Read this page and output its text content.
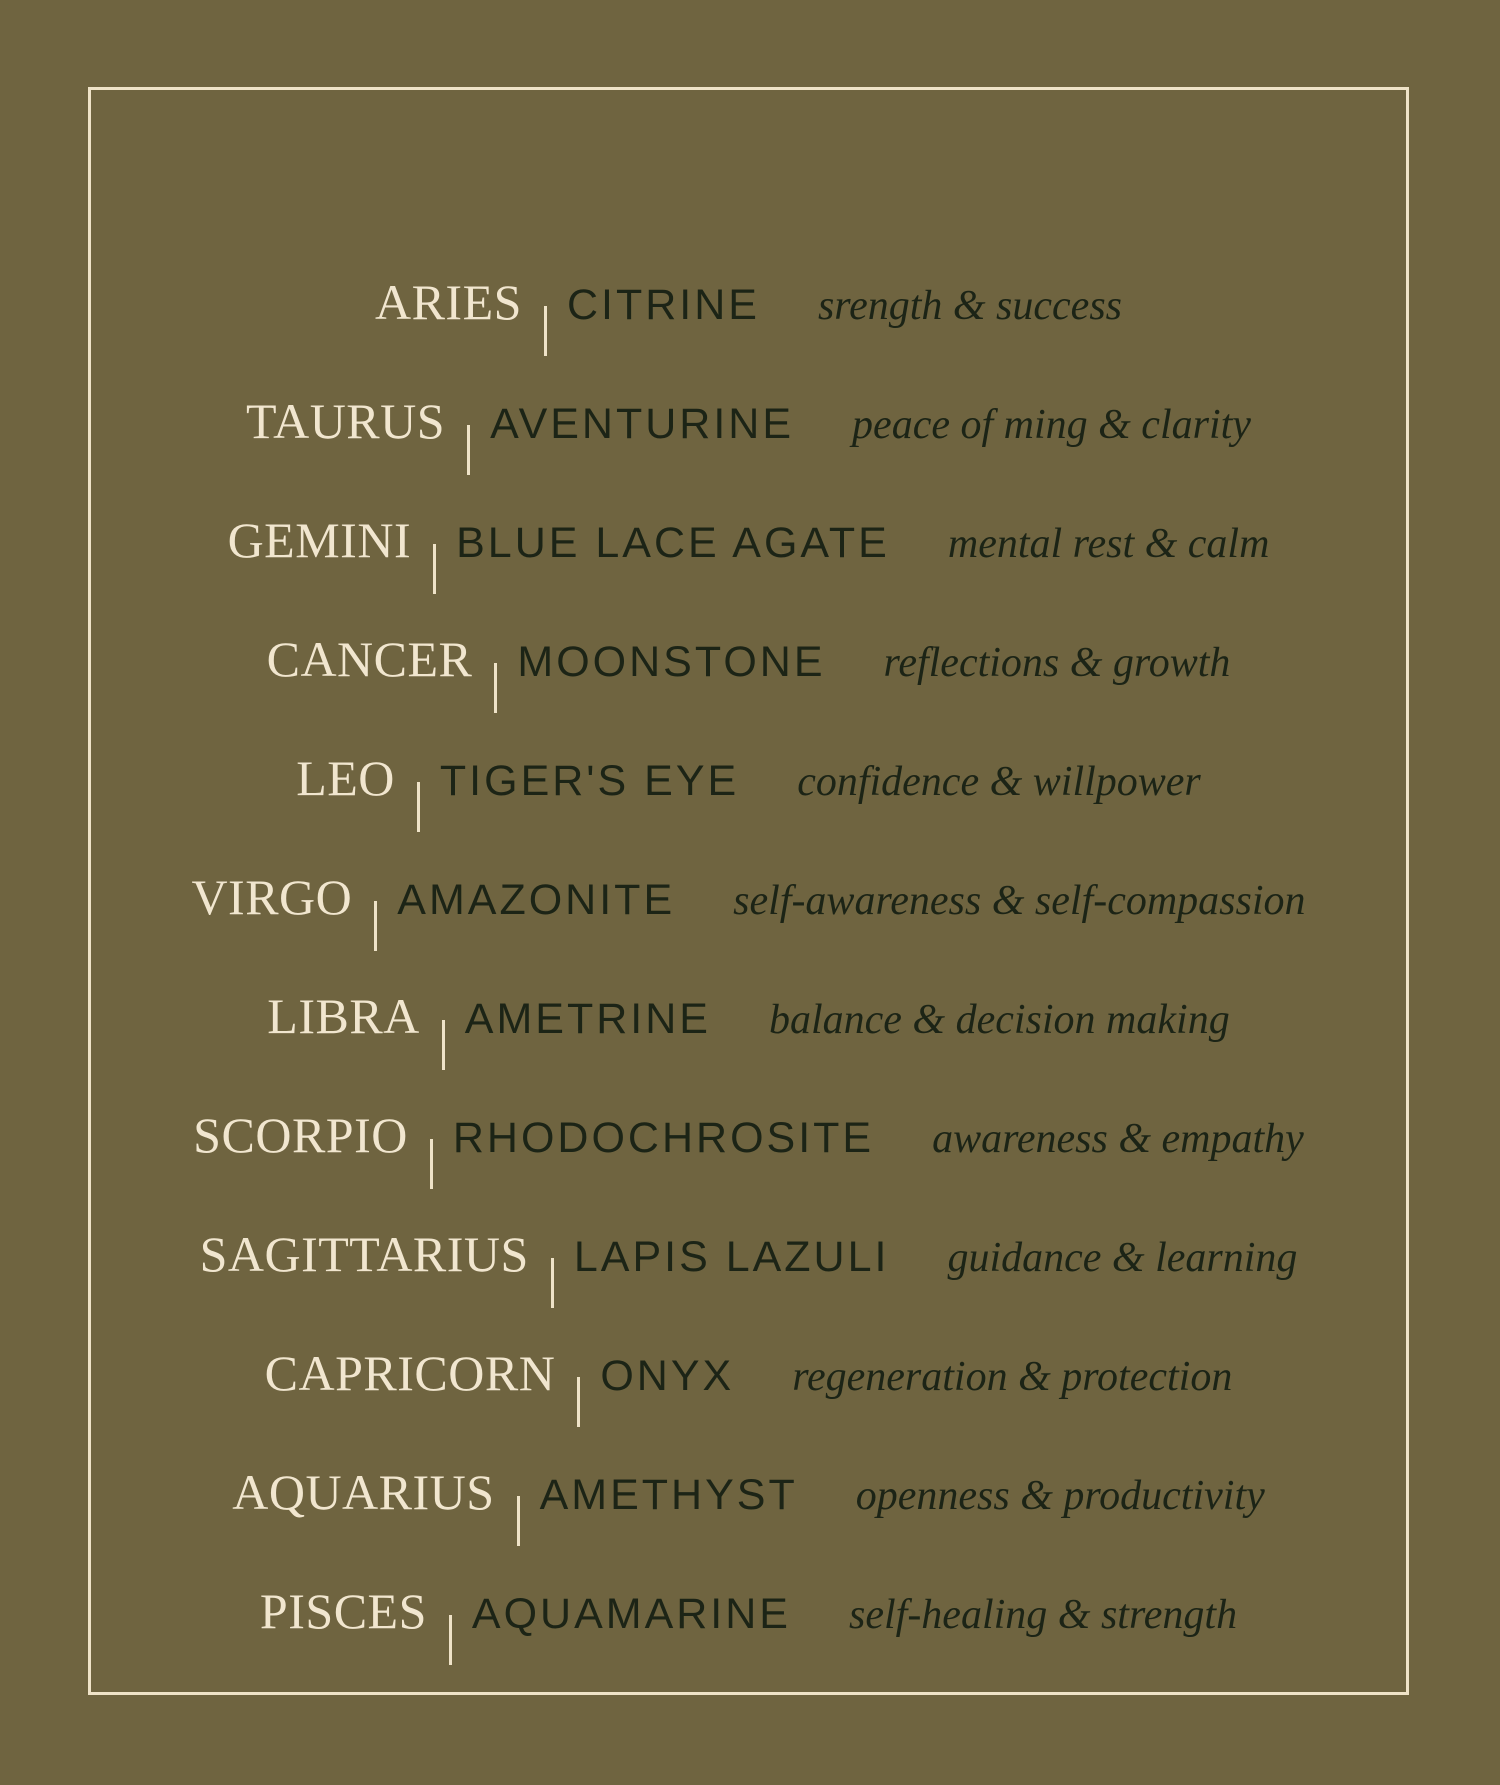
ARIES CITRINE srength & success
TAURUS AVENTURINE peace of ming & clarity
GEMINI BLUE LACE AGATE mental rest & calm
CANCER MOONSTONE reflections & growth
LEO TIGER'S EYE confidence & willpower
VIRGO AMAZONITE self-awareness & self-compassion
LIBRA AMETRINE balance & decision making
SCORPIO RHODOCHROSITE awareness & empathy
SAGITTARIUS LAPIS LAZULI guidance & learning
CAPRICORN ONYX regeneration & protection
AQUARIUS AMETHYST openness & productivity
PISCES AQUAMARINE self-healing & strength
